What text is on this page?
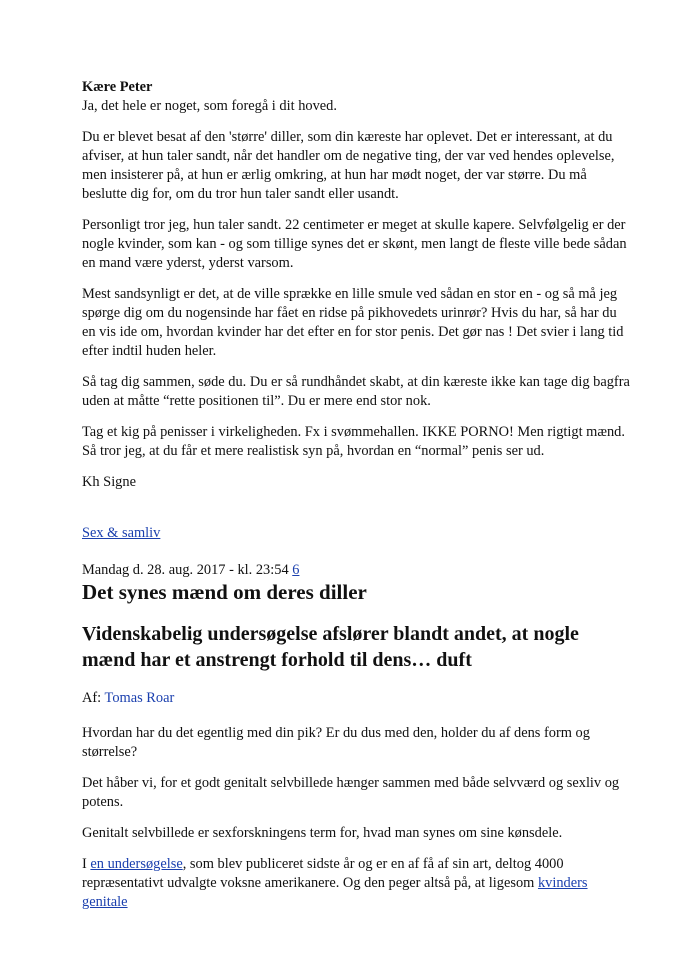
Kære Peter

Ja, det hele er noget, som foregå i dit hoved.

Du er blevet besat af den 'større' diller, som din kæreste har oplevet. Det er interessant, at du afviser, at hun taler sandt, når det handler om de negative ting, der var ved hendes oplevelse, men insisterer på, at hun er ærlig omkring, at hun har mødt noget, der var større. Du må beslutte dig for, om du tror hun taler sandt eller usandt.

Personligt tror jeg, hun taler sandt. 22 centimeter er meget at skulle kapere. Selvfølgelig er der nogle kvinder, som kan - og som tillige synes det er skønt, men langt de fleste ville bede sådan en mand være yderst, yderst varsom.

Mest sandsynligt er det, at de ville sprække en lille smule ved sådan en stor en - og så må jeg spørge dig om du nogensinde har fået en ridse på pikhovedets urinrør? Hvis du har, så har du en vis ide om, hvordan kvinder har det efter en for stor penis. Det gør nas ! Det svier i lang tid efter indtil huden heler.

Så tag dig sammen, søde du. Du er så rundhåndet skabt, at din kæreste ikke kan tage dig bagfra uden at måtte “rette positionen til”. Du er mere end stor nok.

Tag et kig på penisser i virkeligheden. Fx i svømmehallen. IKKE PORNO! Men rigtigt mænd. Så tror jeg, at du får et mere realistisk syn på, hvordan en “normal” penis ser ud.

Kh Signe

Sex & samliv

Mandag d. 28. aug. 2017 - kl. 23:54 6

Det synes mænd om deres diller
Videnskabelig undersøgelse afslører blandt andet, at nogle mænd har et anstrengt forhold til dens… duft

Af: Tomas Roar

Hvordan har du det egentlig med din pik? Er du dus med den, holder du af dens form og størrelse?

Det håber vi, for et godt genitalt selvbillede hænger sammen med både selvværd og sexliv og potens.

Genitalt selvbillede er sexforskningens term for, hvad man synes om sine kønsdele.

I en undersøgelse, som blev publiceret sidste år og er en af få af sin art, deltog 4000 repræsentativt udvalgte voksne amerikanere. Og den peger altså på, at ligesom kvinders genitale
